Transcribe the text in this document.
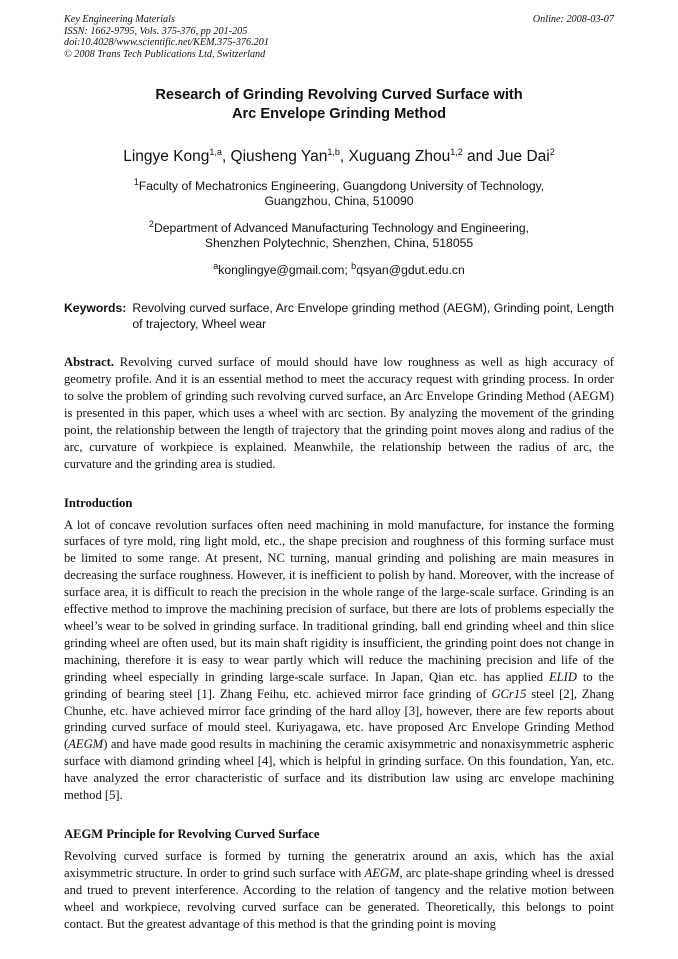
Key Engineering Materials
ISSN: 1662-9795, Vols. 375-376, pp 201-205
doi:10.4028/www.scientific.net/KEM.375-376.201
© 2008 Trans Tech Publications Ltd, Switzerland
Online: 2008-03-07
Research of Grinding Revolving Curved Surface with
Arc Envelope Grinding Method
Lingye Kong$^{1,a}$, Qiusheng Yan$^{1,b}$, Xuguang Zhou$^{1,2}$ and Jue Dai$^2$
$^1$Faculty of Mechatronics Engineering, Guangdong University of Technology,
Guangzhou, China, 510090
$^2$Department of Advanced Manufacturing Technology and Engineering,
Shenzhen Polytechnic, Shenzhen, China, 518055
$^a$konglingye@gmail.com; $^b$qsyan@gdut.edu.cn
Keywords: Revolving curved surface, Arc Envelope grinding method (AEGM), Grinding point, Length of trajectory, Wheel wear
Abstract. Revolving curved surface of mould should have low roughness as well as high accuracy of geometry profile. And it is an essential method to meet the accuracy request with grinding process. In order to solve the problem of grinding such revolving curved surface, an Arc Envelope Grinding Method (AEGM) is presented in this paper, which uses a wheel with arc section. By analyzing the movement of the grinding point, the relationship between the length of trajectory that the grinding point moves along and radius of the arc, curvature of workpiece is explained. Meanwhile, the relationship between the radius of arc, the curvature and the grinding area is studied.
Introduction

A lot of concave revolution surfaces often need machining in mold manufacture, for instance the forming surfaces of tyre mold, ring light mold, etc., the shape precision and roughness of this forming surface must be limited to some range. At present, NC turning, manual grinding and polishing are main measures in decreasing the surface roughness. However, it is inefficient to polish by hand. Moreover, with the increase of surface area, it is difficult to reach the precision in the whole range of the large-scale surface. Grinding is an effective method to improve the machining precision of surface, but there are lots of problems especially the wheel’s wear to be solved in grinding surface. In traditional grinding, ball end grinding wheel and thin slice grinding wheel are often used, but its main shaft rigidity is insufficient, the grinding point does not change in machining, therefore it is easy to wear partly which will reduce the machining precision and life of the grinding wheel especially in grinding large-scale surface. In Japan, Qian etc. has applied ELID to the grinding of bearing steel [1]. Zhang Feihu, etc. achieved mirror face grinding of GCr15 steel [2], Zhang Chunhe, etc. have achieved mirror face grinding of the hard alloy [3], however, there are few reports about grinding curved surface of mould steel. Kuriyagawa, etc. have proposed Arc Envelope Grinding Method (AEGM) and have made good results in machining the ceramic axisymmetric and nonaxisymmetric aspheric surface with diamond grinding wheel [4], which is helpful in grinding surface. On this foundation, Yan, etc. have analyzed the error characteristic of surface and its distribution law using arc envelope machining method [5].

AEGM Principle for Revolving Curved Surface

Revolving curved surface is formed by turning the generatrix around an axis, which has the axial axisymmetric structure. In order to grind such surface with AEGM, arc plate-shape grinding wheel is dressed and trued to prevent interference. According to the relation of tangency and the relative motion between wheel and workpiece, revolving curved surface can be generated. Theoretically, this belongs to point contact. But the greatest advantage of this method is that the grinding point is moving
